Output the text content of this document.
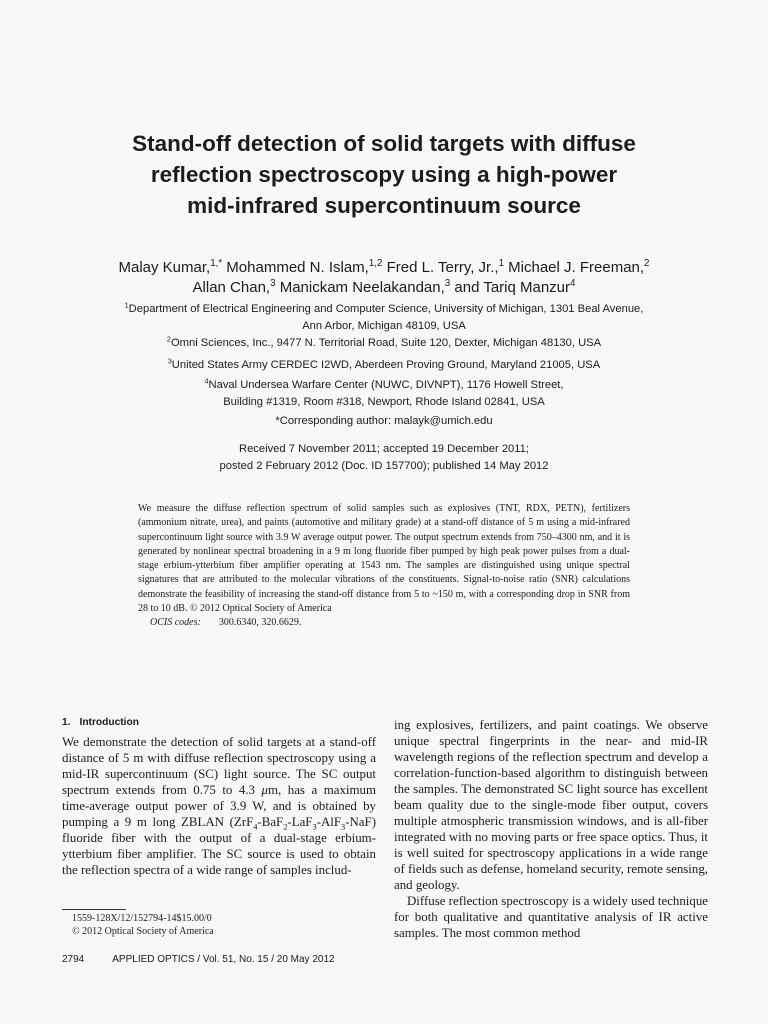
Stand-off detection of solid targets with diffuse
reflection spectroscopy using a high-power
mid-infrared supercontinuum source
Malay Kumar,$^{1,*}$ Mohammed N. Islam,$^{1,2}$ Fred L. Terry, Jr.,$^1$ Michael J. Freeman,$^2$
Allan Chan,$^3$ Manickam Neelakandan,$^3$ and Tariq Manzur$^4$
$^1$Department of Electrical Engineering and Computer Science, University of Michigan, 1301 Beal Avenue,
Ann Arbor, Michigan 48109, USA
$^2$Omni Sciences, Inc., 9477 N. Territorial Road, Suite 120, Dexter, Michigan 48130, USA
$^3$United States Army CERDEC I2WD, Aberdeen Proving Ground, Maryland 21005, USA
$^4$Naval Undersea Warfare Center (NUWC, DIVNPT), 1176 Howell Street,
Building #1319, Room #318, Newport, Rhode Island 02841, USA
*Corresponding author: malayk@umich.edu
Received 7 November 2011; accepted 19 December 2011;
posted 2 February 2012 (Doc. ID 157700); published 14 May 2012
We measure the diffuse reflection spectrum of solid samples such as explosives (TNT, RDX, PETN), fertilizers (ammonium nitrate, urea), and paints (automotive and military grade) at a stand-off distance of 5 m using a mid-infrared supercontinuum light source with 3.9 W average output power. The output spectrum extends from 750–4300 nm, and it is generated by nonlinear spectral broadening in a 9 m long fluoride fiber pumped by high peak power pulses from a dual-stage erbium-ytterbium fiber amplifier operating at 1543 nm. The samples are distinguished using unique spectral signatures that are attributed to the molecular vibrations of the constituents. Signal-to-noise ratio (SNR) calculations demonstrate the feasibility of increasing the stand-off distance from 5 to ~150 m, with a corresponding drop in SNR from 28 to 10 dB. © 2012 Optical Society of America
OCIS codes: 300.6340, 320.6629.
1. Introduction

We demonstrate the detection of solid targets at a stand-off distance of 5 m with diffuse reflection spectroscopy using a mid-IR supercontinuum (SC) light source. The SC output spectrum extends from 0.75 to 4.3 μm, has a maximum time-average output power of 3.9 W, and is obtained by pumping a 9 m long ZBLAN (ZrF$_4$-BaF$_2$-LaF$_3$-AlF$_3$-NaF) fluoride fiber with the output of a dual-stage erbium-ytterbium fiber amplifier. The SC source is used to obtain the reflection spectra of a wide range of samples includ-

ing explosives, fertilizers, and paint coatings. We observe unique spectral fingerprints in the near- and mid-IR wavelength regions of the reflection spectrum and develop a correlation-function-based algorithm to distinguish between the samples. The demonstrated SC light source has excellent beam quality due to the single-mode fiber output, covers multiple atmospheric transmission windows, and is all-fiber integrated with no moving parts or free space optics. Thus, it is well suited for spectroscopy applications in a wide range of fields such as defense, homeland security, remote sensing, and geology.

Diffuse reflection spectroscopy is a widely used technique for both qualitative and quantitative analysis of IR active samples. The most common method

1559-128X/12/152794-14$15.00/0
© 2012 Optical Society of America
2794	APPLIED OPTICS / Vol. 51, No. 15 / 20 May 2012
